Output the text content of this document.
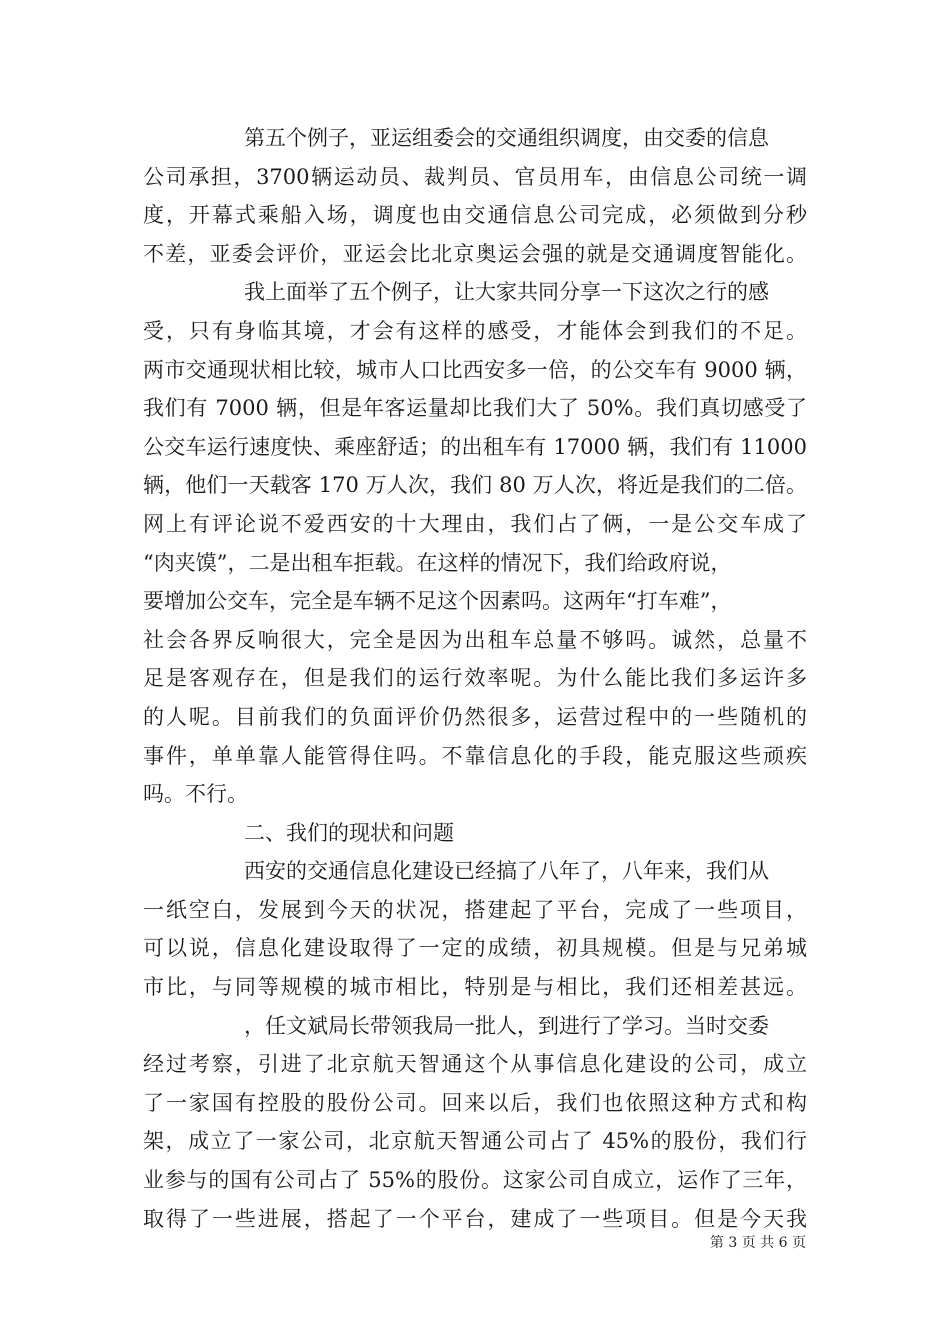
第五个例子，亚运组委会的交通组织调度，由交委的信息
公司承担，3700辆运动员、裁判员、官员用车，由信息公司统一调
度，开幕式乘船入场，调度也由交通信息公司完成，必须做到分秒
不差，亚委会评价，亚运会比北京奥运会强的就是交通调度智能化。
我上面举了五个例子，让大家共同分享一下这次之行的感
受，只有身临其境，才会有这样的感受，才能体会到我们的不足。
两市交通现状相比较，城市人口比西安多一倍，的公交车有 9000 辆，
我们有 7000 辆，但是年客运量却比我们大了 50%。我们真切感受了
公交车运行速度快、乘座舒适；的出租车有 17000 辆，我们有 11000
辆，他们一天载客 170 万人次，我们 80 万人次，将近是我们的二倍。
网上有评论说不爱西安的十大理由，我们占了俩，一是公交车成了
“肉夹馍”，二是出租车拒载。在这样的情况下，我们给政府说，
要增加公交车，完全是车辆不足这个因素吗。这两年“打车难”，
社会各界反响很大，完全是因为出租车总量不够吗。诚然，总量不
足是客观存在，但是我们的运行效率呢。为什么能比我们多运许多
的人呢。目前我们的负面评价仍然很多，运营过程中的一些随机的
事件，单单靠人能管得住吗。不靠信息化的手段，能克服这些顽疾
吗。不行。
二、我们的现状和问题
西安的交通信息化建设已经搞了八年了，八年来，我们从
一纸空白，发展到今天的状况，搭建起了平台，完成了一些项目，
可以说，信息化建设取得了一定的成绩，初具规模。但是与兄弟城
市比，与同等规模的城市相比，特别是与相比，我们还相差甚远。
，任文斌局长带领我局一批人，到进行了学习。当时交委
经过考察，引进了北京航天智通这个从事信息化建设的公司，成立
了一家国有控股的股份公司。回来以后，我们也依照这种方式和构
架，成立了一家公司，北京航天智通公司占了 45%的股份，我们行
业参与的国有公司占了 55%的股份。这家公司自成立，运作了三年，
取得了一些进展，搭起了一个平台，建成了一些项目。但是今天我
第 3 页 共 6 页
